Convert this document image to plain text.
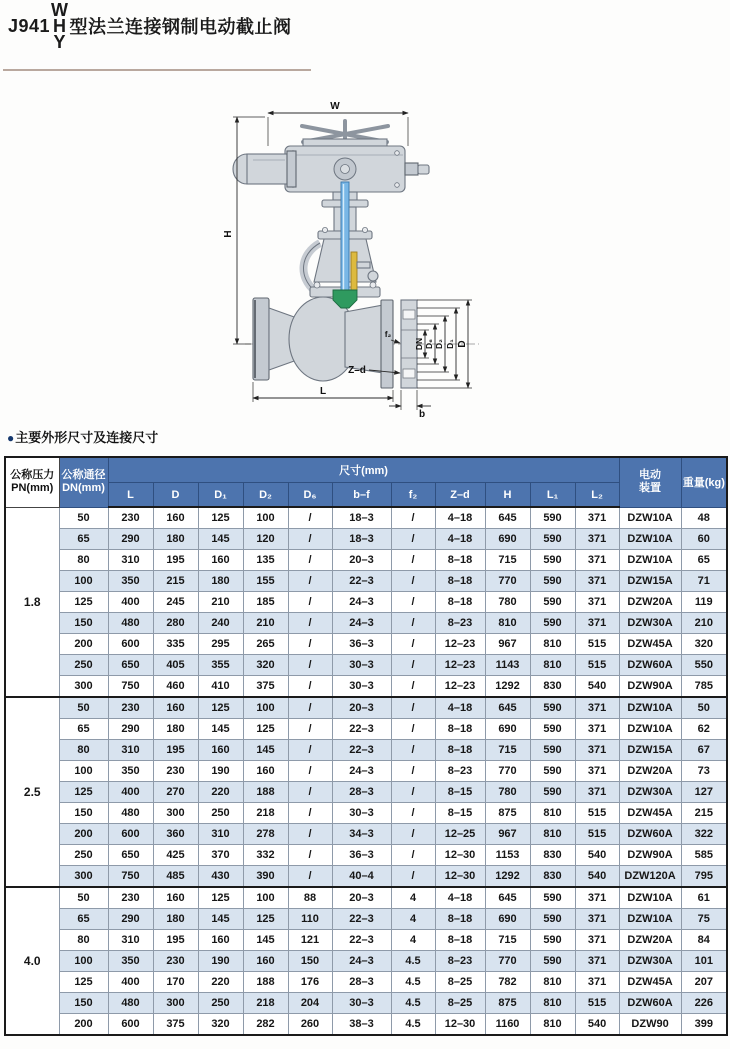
J941
W
H
Y
型法兰连接钢制电动截止阀
W
H
L
b
f₂
Z–d
DN D₆ D₂ D₁ D
●主要外形尺寸及连接尺寸
公称压力
PN(mm)	公称通径
DN(mm)	尺寸(mm)											电动
装置	重量(kg)
		L	D	D₁	D₂	D₆	b–f	f₂	Z–d	H	L₁	L₂		
1.8	50	230	160	125	100	/	18–3	/	4–18	645	590	371	DZW10A	48
	65	290	180	145	120	/	18–3	/	4–18	690	590	371	DZW10A	60
	80	310	195	160	135	/	20–3	/	8–18	715	590	371	DZW10A	65
	100	350	215	180	155	/	22–3	/	8–18	770	590	371	DZW15A	71
	125	400	245	210	185	/	24–3	/	8–18	780	590	371	DZW20A	119
	150	480	280	240	210	/	24–3	/	8–23	810	590	371	DZW30A	210
	200	600	335	295	265	/	36–3	/	12–23	967	810	515	DZW45A	320
	250	650	405	355	320	/	30–3	/	12–23	1143	810	515	DZW60A	550
	300	750	460	410	375	/	30–3	/	12–23	1292	830	540	DZW90A	785
2.5	50	230	160	125	100	/	20–3	/	4–18	645	590	371	DZW10A	50
	65	290	180	145	125	/	22–3	/	8–18	690	590	371	DZW10A	62
	80	310	195	160	145	/	22–3	/	8–18	715	590	371	DZW15A	67
	100	350	230	190	160	/	24–3	/	8–23	770	590	371	DZW20A	73
	125	400	270	220	188	/	28–3	/	8–15	780	590	371	DZW30A	127
	150	480	300	250	218	/	30–3	/	8–15	875	810	515	DZW45A	215
	200	600	360	310	278	/	34–3	/	12–25	967	810	515	DZW60A	322
	250	650	425	370	332	/	36–3	/	12–30	1153	830	540	DZW90A	585
	300	750	485	430	390	/	40–4	/	12–30	1292	830	540	DZW120A	795
4.0	50	230	160	125	100	88	20–3	4	4–18	645	590	371	DZW10A	61
	65	290	180	145	125	110	22–3	4	8–18	690	590	371	DZW10A	75
	80	310	195	160	145	121	22–3	4	8–18	715	590	371	DZW20A	84
	100	350	230	190	160	150	24–3	4.5	8–23	770	590	371	DZW30A	101
	125	400	170	220	188	176	28–3	4.5	8–25	782	810	371	DZW45A	207
	150	480	300	250	218	204	30–3	4.5	8–25	875	810	515	DZW60A	226
	200	600	375	320	282	260	38–3	4.5	12–30	1160	810	540	DZW90	399
